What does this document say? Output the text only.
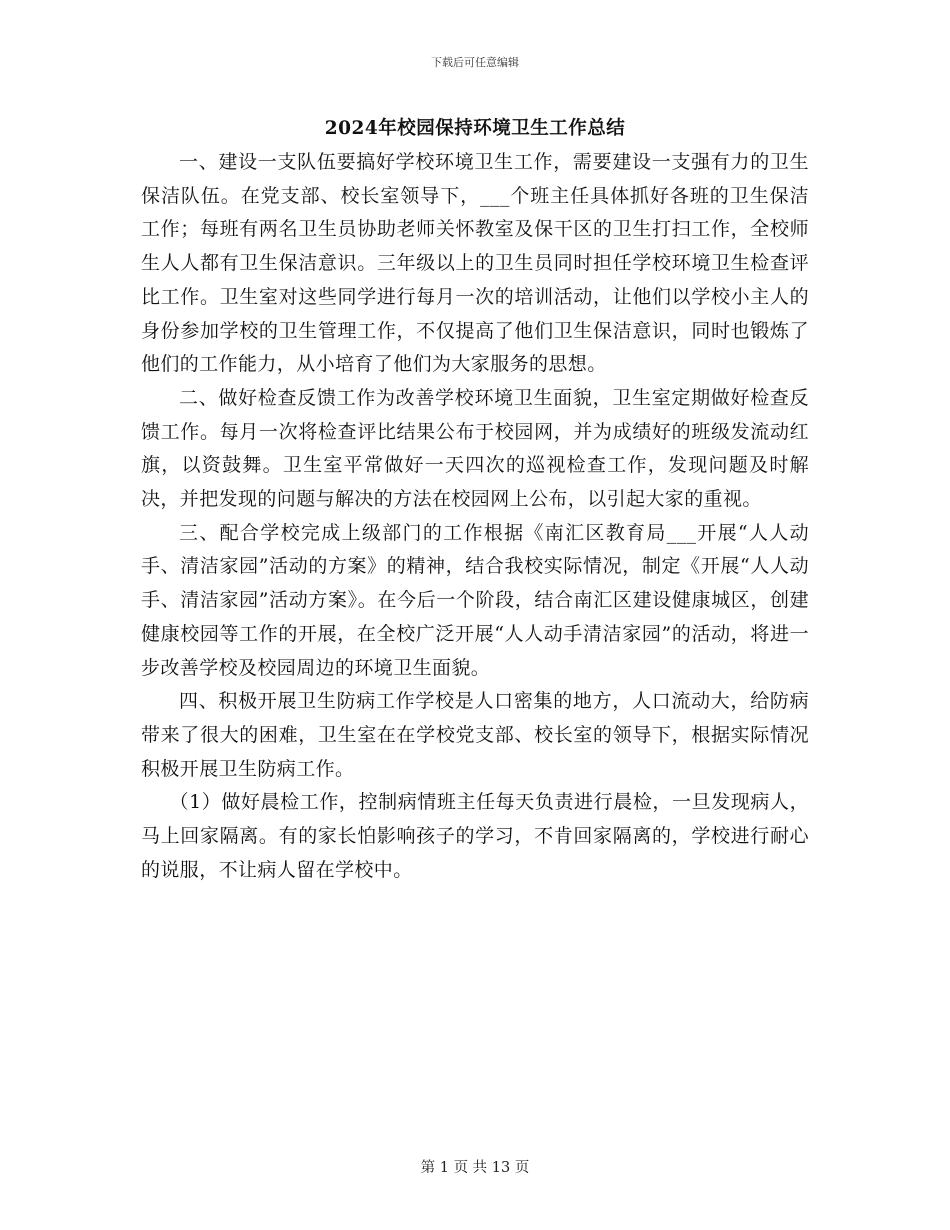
下载后可任意编辑
2024年校园保持环境卫生工作总结

一、建设一支队伍要搞好学校环境卫生工作，需要建设一支强有力的卫生保洁队伍。在党支部、校长室领导下，___个班主任具体抓好各班的卫生保洁工作；每班有两名卫生员协助老师关怀教室及保干区的卫生打扫工作，全校师生人人都有卫生保洁意识。三年级以上的卫生员同时担任学校环境卫生检查评比工作。卫生室对这些同学进行每月一次的培训活动，让他们以学校小主人的身份参加学校的卫生管理工作，不仅提高了他们卫生保洁意识，同时也锻炼了他们的工作能力，从小培育了他们为大家服务的思想。

二、做好检查反馈工作为改善学校环境卫生面貌，卫生室定期做好检查反馈工作。每月一次将检查评比结果公布于校园网，并为成绩好的班级发流动红旗，以资鼓舞。卫生室平常做好一天四次的巡视检查工作，发现问题及时解决，并把发现的问题与解决的方法在校园网上公布，以引起大家的重视。

三、配合学校完成上级部门的工作根据《南汇区教育局___开展“人人动手、清洁家园”活动的方案》的精神，结合我校实际情况，制定《开展“人人动手、清洁家园”活动方案》。在今后一个阶段，结合南汇区建设健康城区，创建健康校园等工作的开展，在全校广泛开展“人人动手清洁家园”的活动，将进一步改善学校及校园周边的环境卫生面貌。

四、积极开展卫生防病工作学校是人口密集的地方，人口流动大，给防病带来了很大的困难，卫生室在在学校党支部、校长室的领导下，根据实际情况积极开展卫生防病工作。

（1）做好晨检工作，控制病情班主任每天负责进行晨检，一旦发现病人，马上回家隔离。有的家长怕影响孩子的学习，不肯回家隔离的，学校进行耐心的说服，不让病人留在学校中。

第 1 页 共 13 页
